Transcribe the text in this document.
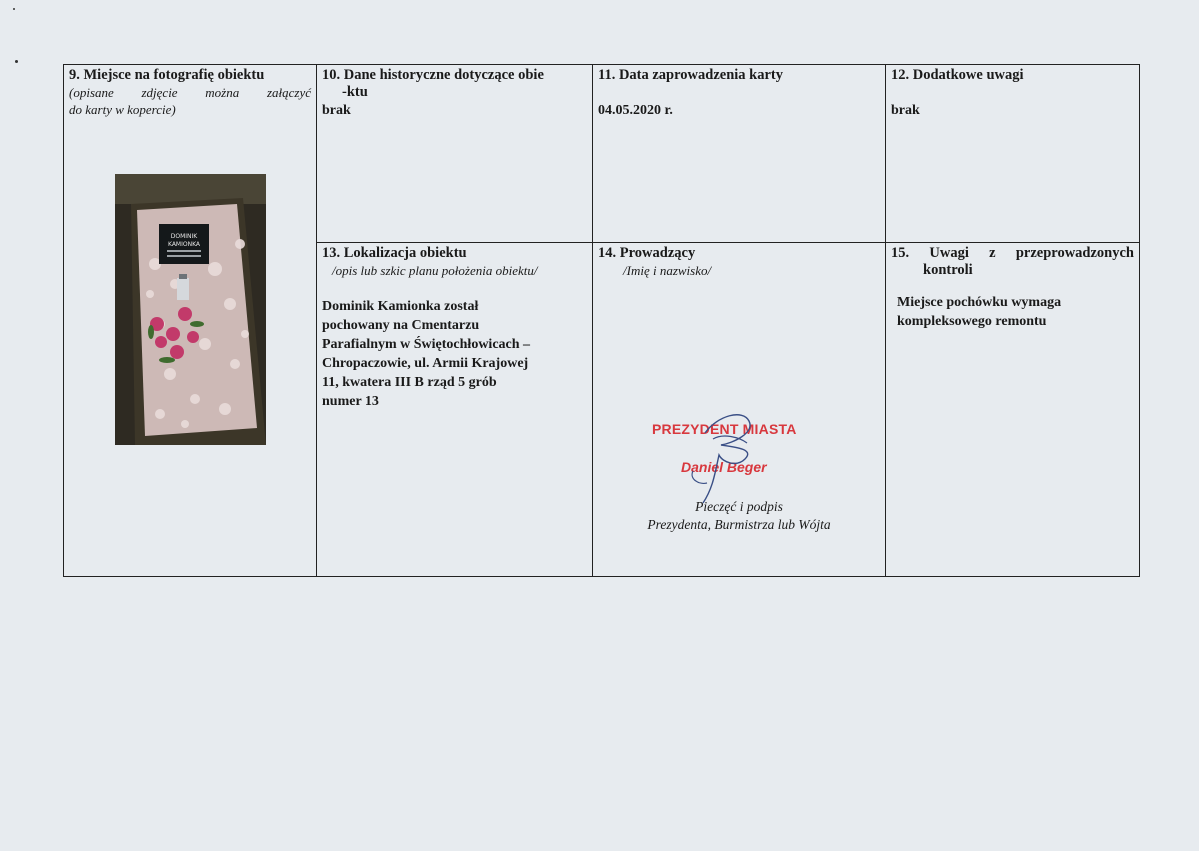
9. Miejsce na fotografię obiektu
(opisane zdjęcie można załączyć
do karty w kopercie)
DOMINIK
KAMIONKA
10. Dane historyczne dotyczące obie
-ktu
brak
11. Data zaprowadzenia karty
04.05.2020 r.
12. Dodatkowe uwagi
brak
13. Lokalizacja obiektu
/opis lub szkic planu położenia obiektu/
Dominik Kamionka został
pochowany na Cmentarzu
Parafialnym w Świętochłowicach –
Chropaczowie, ul. Armii Krajowej
11, kwatera III B rząd 5 grób
numer 13
14. Prowadzący
/Imię i nazwisko/
PREZYDENT MIASTA
Daniel Beger
Pieczęć i podpis
Prezydenta, Burmistrza lub Wójta
15. Uwagi z przeprowadzonych
kontroli
Miejsce pochówku wymaga
kompleksowego remontu
